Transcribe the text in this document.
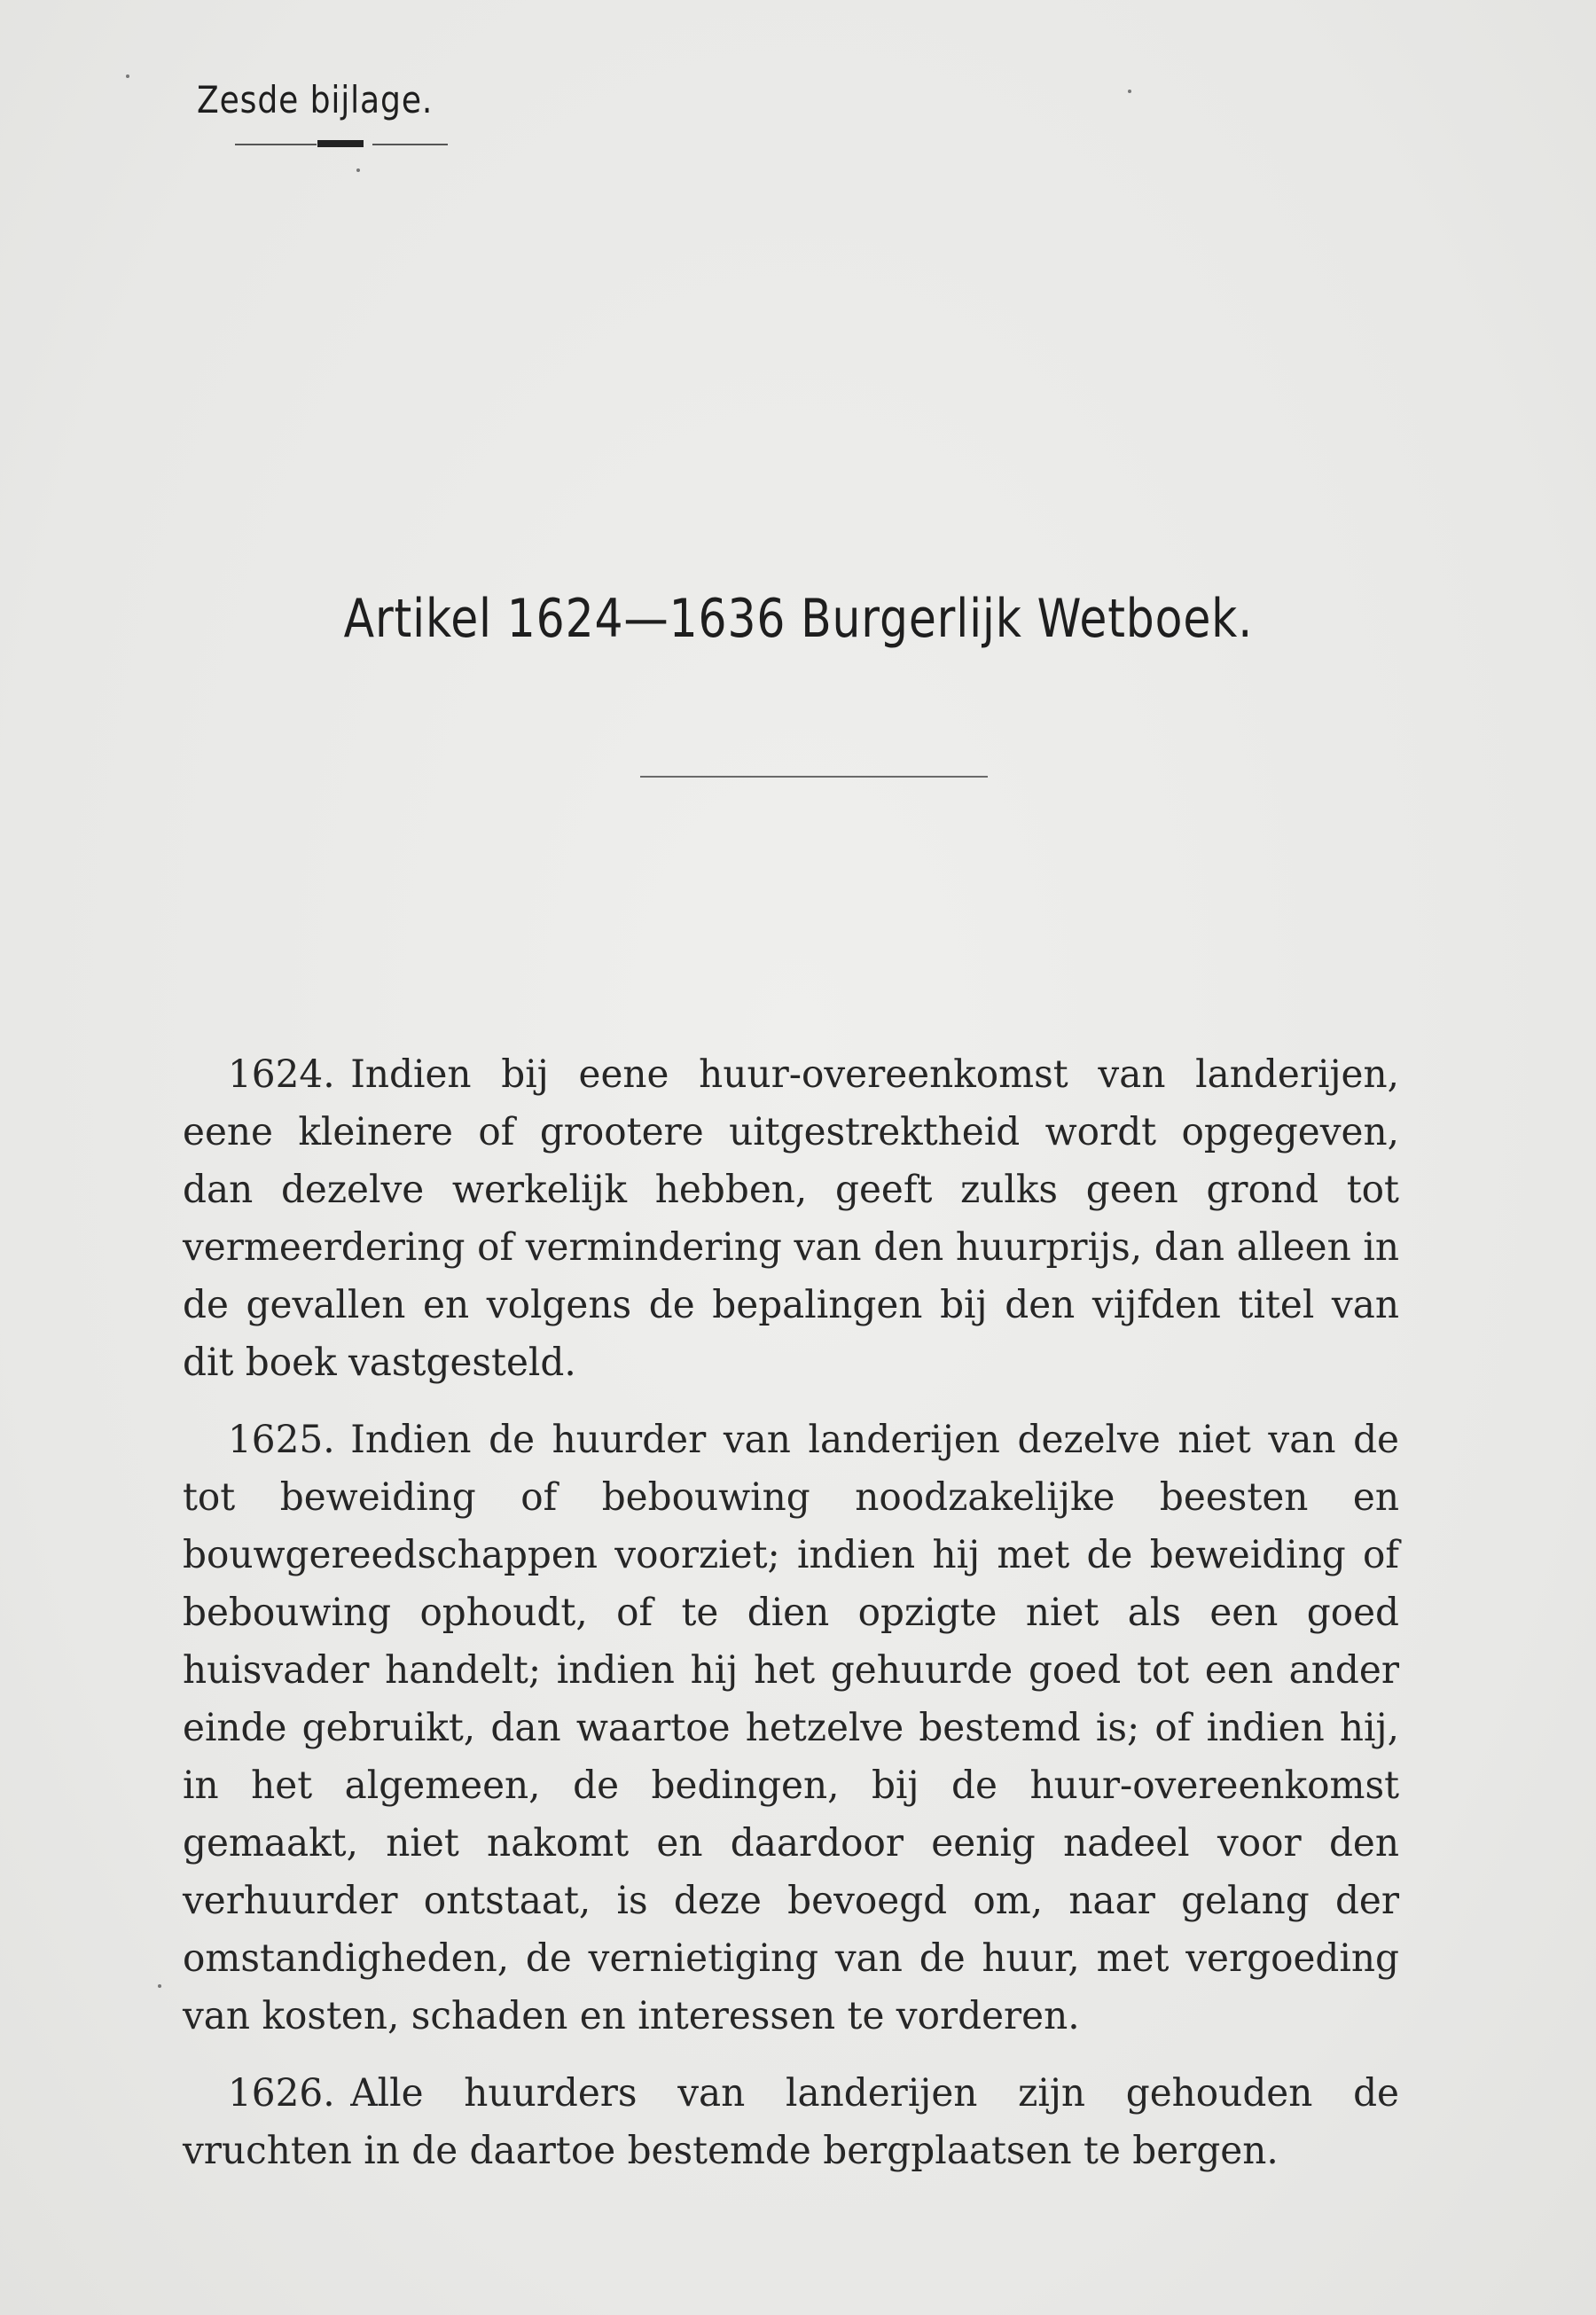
Zesde bijlage.
Artikel 1624—1636 Burgerlijk Wetboek.

1624. Indien bij eene huur-overeenkomst van landerijen, eene kleinere of grootere uitgestrektheid wordt opgegeven, dan dezelve werkelijk hebben, geeft zulks geen grond tot vermeerdering of vermindering van den huurprijs, dan alleen in de gevallen en volgens de bepalingen bij den vijfden titel van dit boek vastgesteld.

1625. Indien de huurder van landerijen dezelve niet van de tot beweiding of bebouwing noodzakelijke beesten en bouwgereedschappen voorziet; indien hij met de beweiding of bebouwing ophoudt, of te dien opzigte niet als een goed huisvader handelt; indien hij het gehuurde goed tot een ander einde gebruikt, dan waartoe hetzelve bestemd is; of indien hij, in het algemeen, de bedingen, bij de huur-overeenkomst gemaakt, niet nakomt en daardoor eenig nadeel voor den verhuurder ontstaat, is deze bevoegd om, naar gelang der omstandigheden, de vernietiging van de huur, met vergoeding van kosten, schaden en interessen te vorderen.

1626. Alle huurders van landerijen zijn gehouden de vruchten in de daartoe bestemde bergplaatsen te bergen.
